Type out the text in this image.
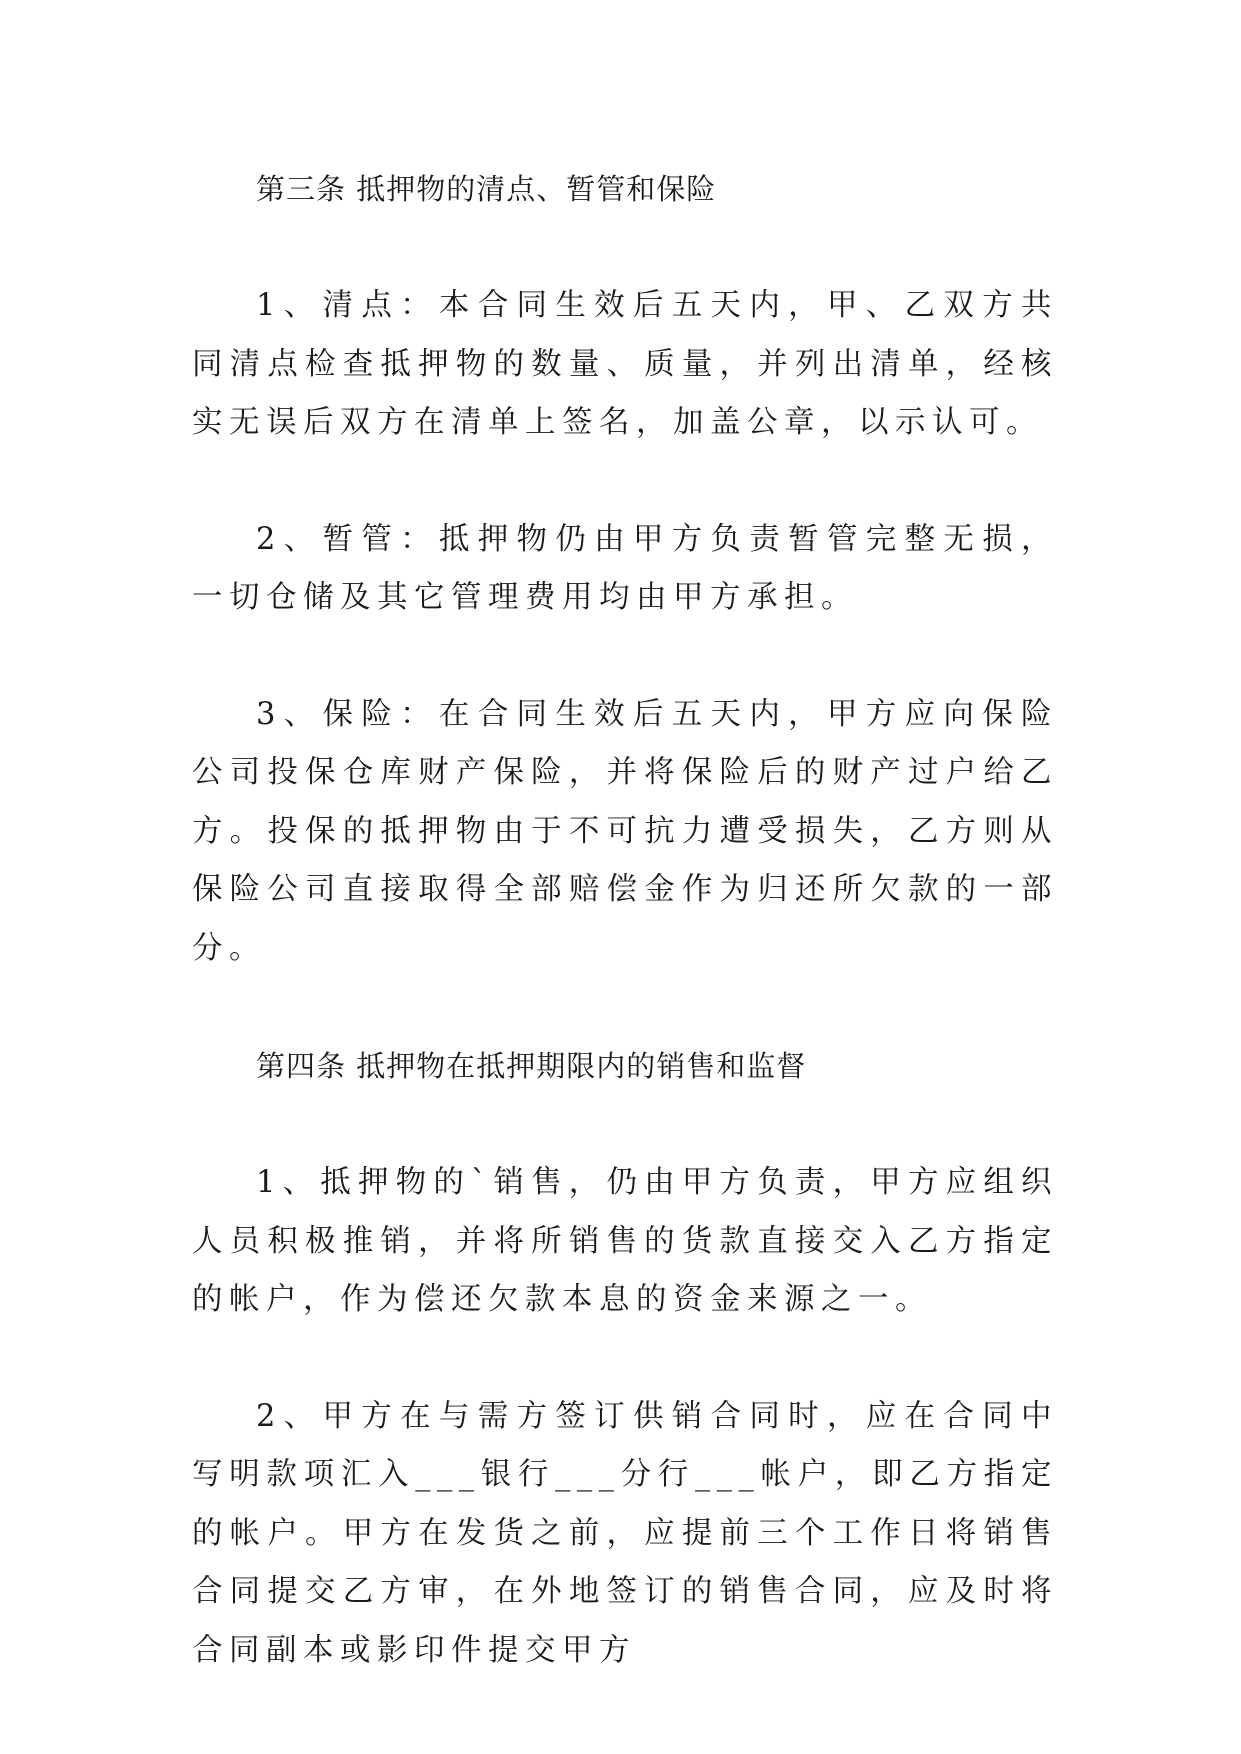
第三条 抵押物的清点、暂管和保险

1、清点：本合同生效后五天内，甲、乙双方共同清点检查抵押物的数量、质量，并列出清单，经核实无误后双方在清单上签名，加盖公章，以示认可。

2、暂管：抵押物仍由甲方负责暂管完整无损，一切仓储及其它管理费用均由甲方承担。

3、保险：在合同生效后五天内，甲方应向保险公司投保仓库财产保险，并将保险后的财产过户给乙方。投保的抵押物由于不可抗力遭受损失，乙方则从保险公司直接取得全部赔偿金作为归还所欠款的一部分。

第四条 抵押物在抵押期限内的销售和监督

1、抵押物的`销售，仍由甲方负责，甲方应组织人员积极推销，并将所销售的货款直接交入乙方指定的帐户，作为偿还欠款本息的资金来源之一。

2、甲方在与需方签订供销合同时，应在合同中写明款项汇入___银行___分行___帐户，即乙方指定的帐户。甲方在发货之前，应提前三个工作日将销售合同提交乙方审，在外地签订的销售合同，应及时将合同副本或影印件提交甲方
